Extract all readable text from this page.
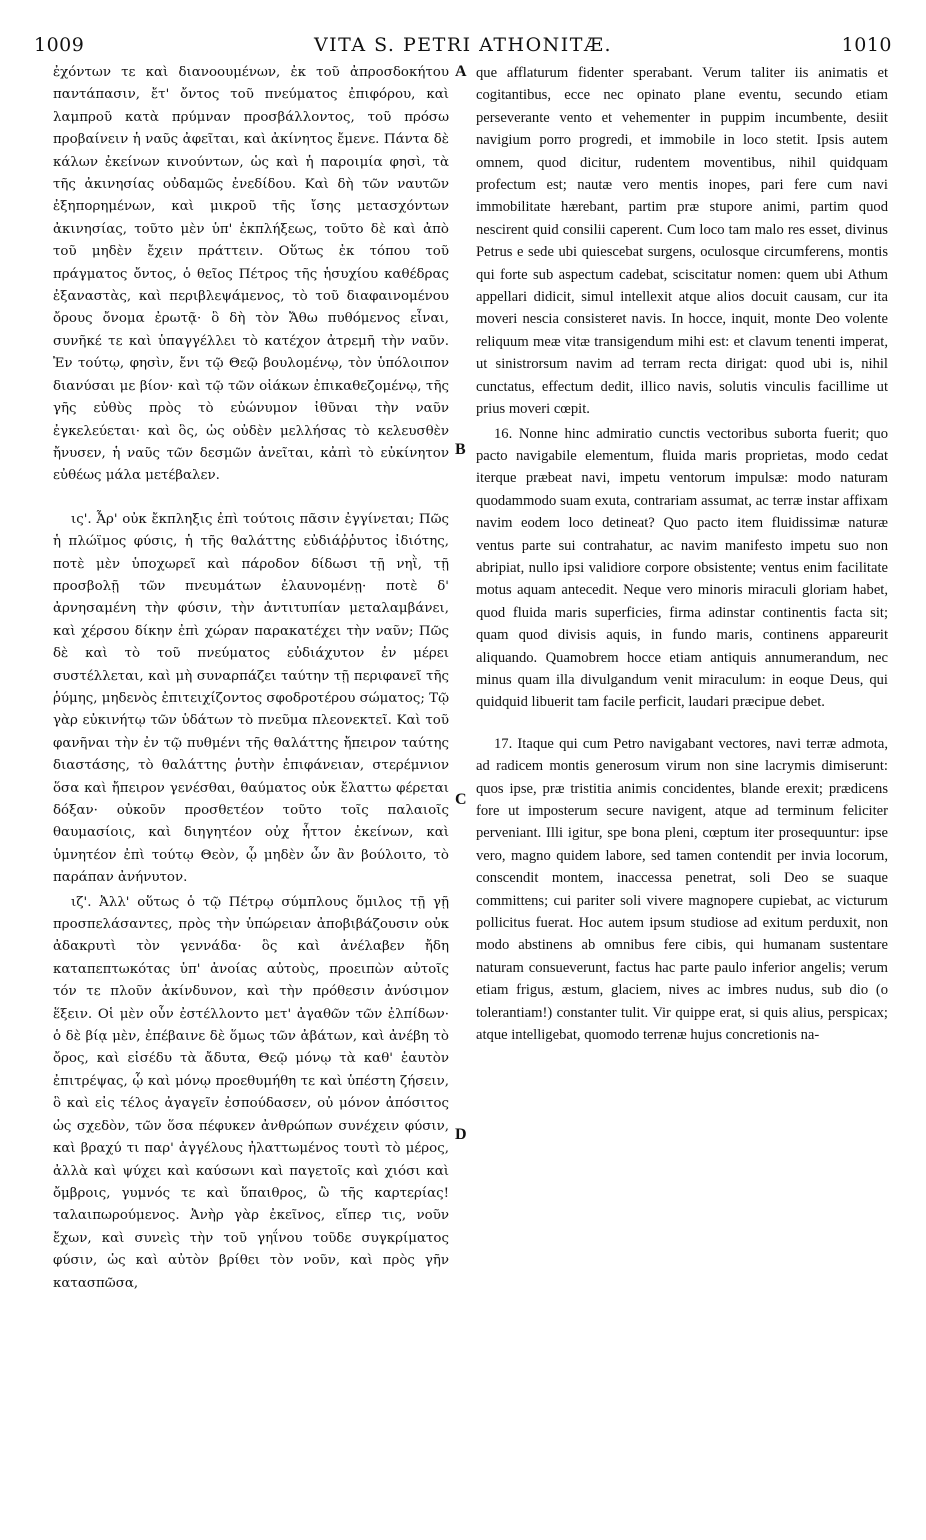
1009	VITA S. PETRI ATHONITÆ.	1010

ἐχόντων τε καὶ διανοουμένων, ἐκ τοῦ ἀπροσδοκήτου παντάπασιν, ἔτ' ὄντος τοῦ πνεύματος ἐπιφόρου, καὶ λαμπροῦ κατὰ πρύμναν προσβάλλοντος, τοῦ πρόσω προβαίνειν ἡ ναῦς ἀφεῖται, καὶ ἀκίνητος ἔμενε. Πάντα δὲ κάλων ἐκείνων κινούντων, ὡς καὶ ἡ παροιμία φησὶ, τὰ τῆς ἀκινησίας οὐδαμῶς ἐνεδίδου. Καὶ δὴ τῶν ναυτῶν ἐξηπορημένων, καὶ μικροῦ τῆς ἴσης μετασχόντων ἀκινησίας, τοῦτο μὲν ὑπ' ἐκπλήξεως, τοῦτο δὲ καὶ ἀπὸ τοῦ μηδὲν ἔχειν πράττειν. Οὕτως ἐκ τόπου τοῦ πράγματος ὄντος, ὁ θεῖος Πέτρος τῆς ἡσυχίου καθέδρας ἐξαναστὰς, καὶ περιβλεψάμενος, τὸ τοῦ διαφαινομένου ὄρους ὄνομα ἐρωτᾷ· ὃ δὴ τὸν Ἄθω πυθόμενος εἶναι, συνῆκέ τε καὶ ὑπαγγέλλει τὸ κατέχον ἀτρεμῆ τὴν ναῦν. Ἐν τούτῳ, φησὶν, ἔνι τῷ Θεῷ βουλομένῳ, τὸν ὑπόλοιπον διανύσαι με βίον· καὶ τῷ τῶν οἰάκων ἐπικαθεζομένῳ, τῆς γῆς εὐθὺς πρὸς τὸ εὐώνυμον ἰθῦναι τὴν ναῦν ἐγκελεύεται· καὶ ὃς, ὡς οὐδὲν μελλήσας τὸ κελευσθὲν ἤνυσεν, ἡ ναῦς τῶν δεσμῶν ἀνεῖται, κἀπὶ τὸ εὐκίνητον εὐθέως μάλα μετέβαλεν.

ις'. Ἆρ' οὐκ ἔκπληξις ἐπὶ τούτοις πᾶσιν ἐγγίνεται; Πῶς ἡ πλώϊμος φύσις, ἡ τῆς θαλάττης εὐδιάῤῥυτος ἰδιότης, ποτὲ μὲν ὑποχωρεῖ καὶ πάροδον δίδωσι τῇ νηῒ, τῇ προσβολῇ τῶν πνευμάτων ἐλαυνομένῃ· ποτὲ δ' ἀρνησαμένη τὴν φύσιν, τὴν ἀντιτυπίαν μεταλαμβάνει, καὶ χέρσου δίκην ἐπὶ χώραν παρακατέχει τὴν ναῦν; Πῶς δὲ καὶ τὸ τοῦ πνεύματος εὐδιάχυτον ἐν μέρει συστέλλεται, καὶ μὴ συναρπάζει ταύτην τῇ περιφανεῖ τῆς ῥύμης, μηδενὸς ἐπιτειχίζοντος σφοδροτέρου σώματος; Τῷ γὰρ εὐκινήτῳ τῶν ὑδάτων τὸ πνεῦμα πλεονεκτεῖ. Καὶ τοῦ φανῆναι τὴν ἐν τῷ πυθμένι τῆς θαλάττης ἤπειρον ταύτης διαστάσης, τὸ θαλάττης ῥυτὴν ἐπιφάνειαν, στερέμνιον ὅσα καὶ ἤπειρον γενέσθαι, θαύματος οὐκ ἔλαττω φέρεται δόξαν· οὐκοῦν προσθετέον τοῦτο τοῖς παλαιοῖς θαυμασίοις, καὶ διηγητέον οὐχ ἧττον ἐκείνων, καὶ ὑμνητέον ἐπὶ τούτῳ Θεὸν, ᾧ μηδὲν ὧν ἂν βούλοιτο, τὸ παράπαν ἀνήνυτον.

ιζ'. Ἀλλ' οὕτως ὁ τῷ Πέτρῳ σύμπλους ὅμιλος τῇ γῇ προσπελάσαντες, πρὸς τὴν ὑπώρειαν ἀποβιβάζουσιν οὐκ ἀδακρυτὶ τὸν γεννάδα· ὃς καὶ ἀνέλαβεν ἤδη καταπεπτωκότας ὑπ' ἀνοίας αὐτοὺς, προειπὼν αὐτοῖς τόν τε πλοῦν ἀκίνδυνον, καὶ τὴν πρόθεσιν ἀνύσιμον ἕξειν. Οἱ μὲν οὖν ἐστέλλοντο μετ' ἀγαθῶν τῶν ἐλπίδων· ὁ δὲ βίᾳ μὲν, ἐπέβαινε δὲ ὅμως τῶν ἀβάτων, καὶ ἀνέβη τὸ ὄρος, καὶ εἰσέδυ τὰ ἄδυτα, Θεῷ μόνῳ τὰ καθ' ἑαυτὸν ἐπιτρέψας, ᾧ καὶ μόνῳ προεθυμήθη τε καὶ ὑπέστη ζήσειν, ὃ καὶ εἰς τέλος ἀγαγεῖν ἐσπούδασεν, οὐ μόνον ἀπόσιτος ὡς σχεδὸν, τῶν ὅσα πέφυκεν ἀνθρώπων συνέχειν φύσιν, καὶ βραχύ τι παρ' ἀγγέλους ἠλαττωμένος τουτὶ τὸ μέρος, ἀλλὰ καὶ ψύχει καὶ καύσωνι καὶ παγετοῖς καὶ χιόσι καὶ ὄμβροις, γυμνός τε καὶ ὕπαιθρος, ὢ τῆς καρτερίας! ταλαιπωρούμενος. Ἀνὴρ γὰρ ἐκεῖνος, εἴπερ τις, νοῦν ἔχων, καὶ συνεὶς τὴν τοῦ γηΐνου τοῦδε συγκρίματος φύσιν, ὡς καὶ αὐτὸν βρίθει τὸν νοῦν, καὶ πρὸς γῆν κατασπῶσα,

que afflaturum fidenter sperabant. Verum taliter iis animatis et cogitantibus, ecce nec opinato plane eventu, secundo etiam perseverante vento et vehementer in puppim incumbente, desiit navigium porro progredi, et immobile in loco stetit. Ipsis autem omnem, quod dicitur, rudentem moventibus, nihil quidquam profectum est; nautæ vero mentis inopes, pari fere cum navi immobilitate hærebant, partim præ stupore animi, partim quod nescirent quid consilii caperent. Cum loco tam malo res esset, divinus Petrus e sede ubi quiescebat surgens, oculosque circumferens, montis qui forte sub aspectum cadebat, sciscitatur nomen: quem ubi Athum appellari didicit, simul intellexit atque alios docuit causam, cur ita moveri nescia consisteret navis. In hocce, inquit, monte Deo volente reliquum meæ vitæ transigendum mihi est: et clavum tenenti imperat, ut sinistrorsum navim ad terram recta dirigat: quod ubi is, nihil cunctatus, effectum dedit, illico navis, solutis vinculis facillime ut prius moveri cœpit.

16. Nonne hinc admiratio cunctis vectoribus suborta fuerit; quo pacto navigabile elementum, fluida maris proprietas, modo cedat iterque præbeat navi, impetu ventorum impulsæ: modo naturam quodammodo suam exuta, contrariam assumat, ac terræ instar affixam navim eodem loco detineat? Quo pacto item fluidissimæ naturæ ventus parte sui contrahatur, ac navim manifesto impetu suo non abripiat, nullo ipsi validiore corpore obsistente; ventus enim facilitate motus aquam antecedit. Neque vero minoris miraculi gloriam habet, quod fluida maris superficies, firma adinstar continentis facta sit; quam quod divisis aquis, in fundo maris, continens appareurit aliquando. Quamobrem hocce etiam antiquis annumerandum, nec minus quam illa divulgandum venit miraculum: in eoque Deus, qui quidquid libuerit tam facile perficit, laudari præcipue debet.

17. Itaque qui cum Petro navigabant vectores, navi terræ admota, ad radicem montis generosum virum non sine lacrymis dimiserunt: quos ipse, præ tristitia animis concidentes, blande erexit; prædicens fore ut imposterum secure navigent, atque ad terminum feliciter perveniant. Illi igitur, spe bona pleni, cœptum iter prosequuntur: ipse vero, magno quidem labore, sed tamen contendit per invia locorum, conscendit montem, inaccessa penetrat, soli Deo se suaque committens; cui pariter soli vivere magnopere cupiebat, ac victurum pollicitus fuerat. Hoc autem ipsum studiose ad exitum perduxit, non modo abstinens ab omnibus fere cibis, qui humanam sustentare naturam consueverunt, factus hac parte paulo inferior angelis; verum etiam frigus, æstum, glaciem, nives ac imbres nudus, sub dio (o tolerantiam!) constanter tulit. Vir quippe erat, si quis alius, perspicax; atque intelligebat, quomodo terrenæ hujus concretionis na-

A
B
C
D
